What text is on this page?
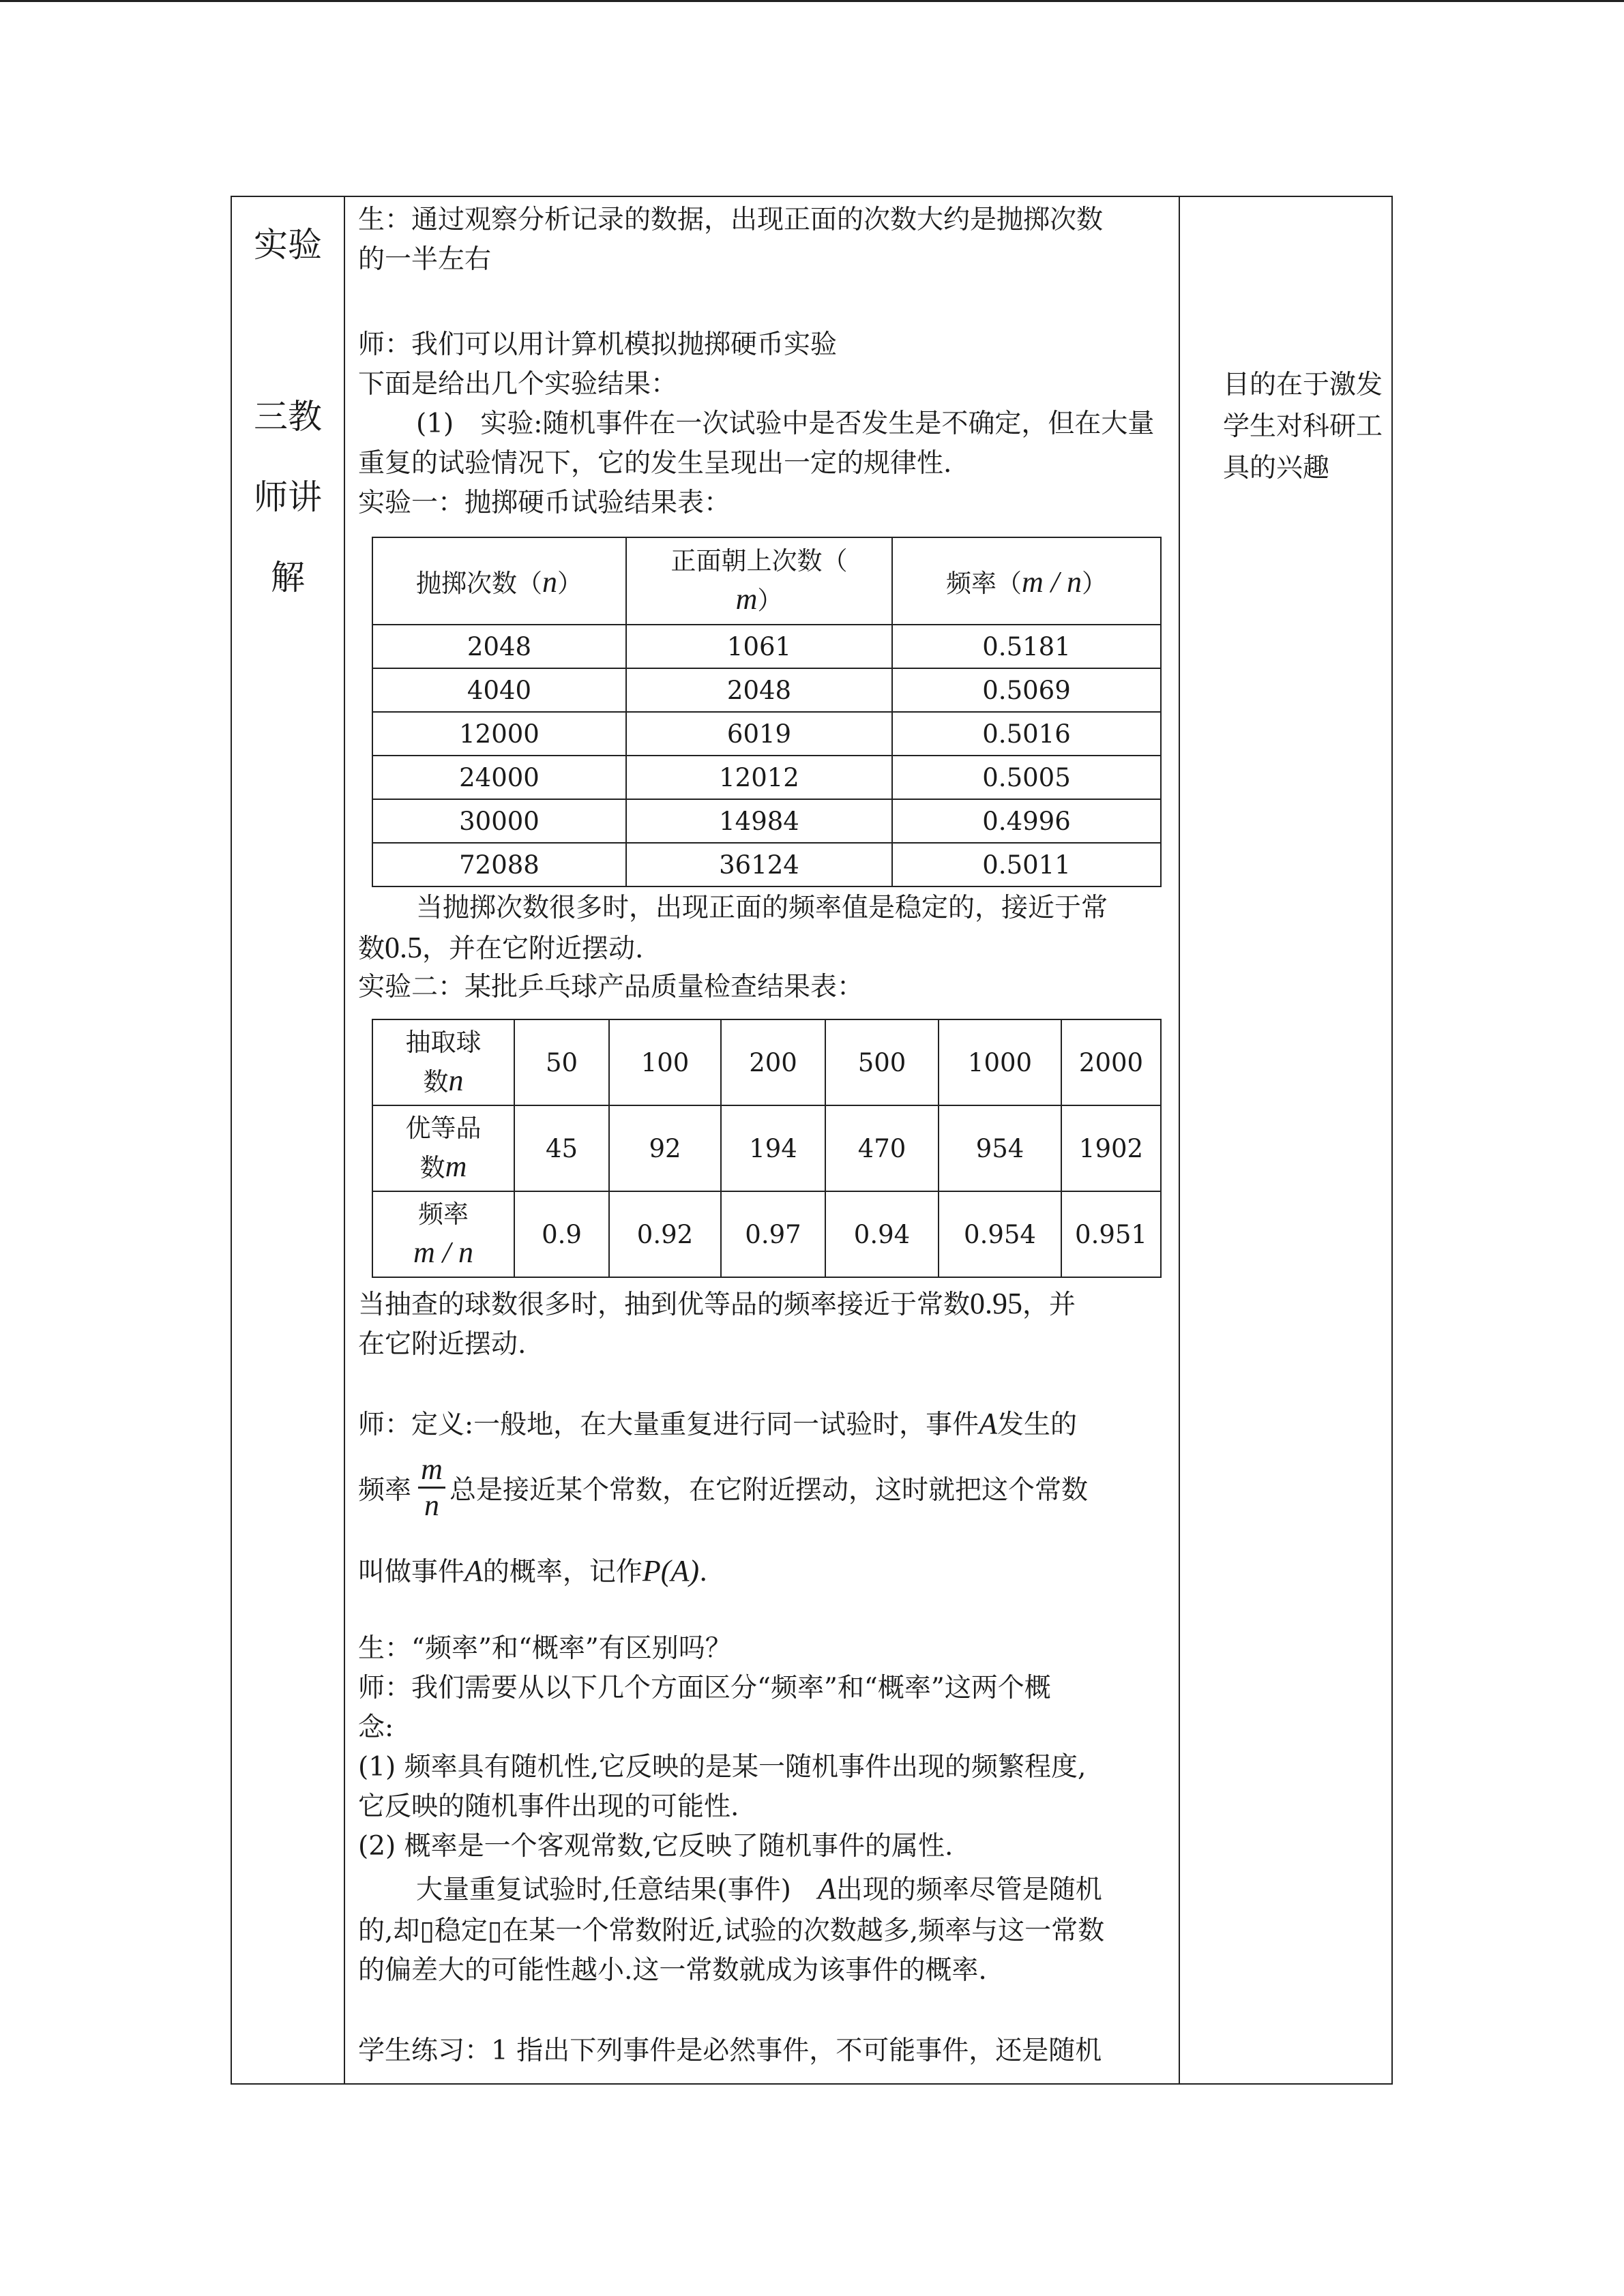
实验
三教
师讲
解
目的在于激发
学生对科研工
具的兴趣
生：通过观察分析记录的数据，出现正面的次数大约是抛掷次数
的一半左右
师：我们可以用计算机模拟抛掷硬币实验
下面是给出几个实验结果：
(1)　实验:随机事件在一次试验中是否发生是不确定，但在大量
重复的试验情况下，它的发生呈现出一定的规律性.
实验一：抛掷硬币试验结果表：
抛掷次数（n）	正面朝上次数（
m）	频率（m / n）
2048	1061	0.5181
4040	2048	0.5069
12000	6019	0.5016
24000	12012	0.5005
30000	14984	0.4996
72088	36124	0.5011
当抛掷次数很多时，出现正面的频率值是稳定的，接近于常
数0.5，并在它附近摆动.
实验二：某批乒乓球产品质量检查结果表：
抽取球
数n	50	100	200	500	1000	2000
优等品
数m	45	92	194	470	954	1902
频率
m / n	0.9	0.92	0.97	0.94	0.954	0.951
当抽查的球数很多时，抽到优等品的频率接近于常数0.95，并
在它附近摆动.
师：定义:一般地，在大量重复进行同一试验时，事件A发生的
频率 总是接近某个常数，在它附近摆动，这时就把这个常数
m
n
叫做事件A的概率，记作P(A).
生：“频率”和“概率”有区别吗？
师：我们需要从以下几个方面区分“频率”和“概率”这两个概
念:
(1) 频率具有随机性,它反映的是某一随机事件出现的频繁程度,
它反映的随机事件出现的可能性.
(2) 概率是一个客观常数,它反映了随机事件的属性.
大量重复试验时,任意结果(事件)　A出现的频率尽管是随机
的,却▯稳定▯在某一个常数附近,试验的次数越多,频率与这一常数
的偏差大的可能性越小.这一常数就成为该事件的概率.
学生练习：1 指出下列事件是必然事件，不可能事件，还是随机
